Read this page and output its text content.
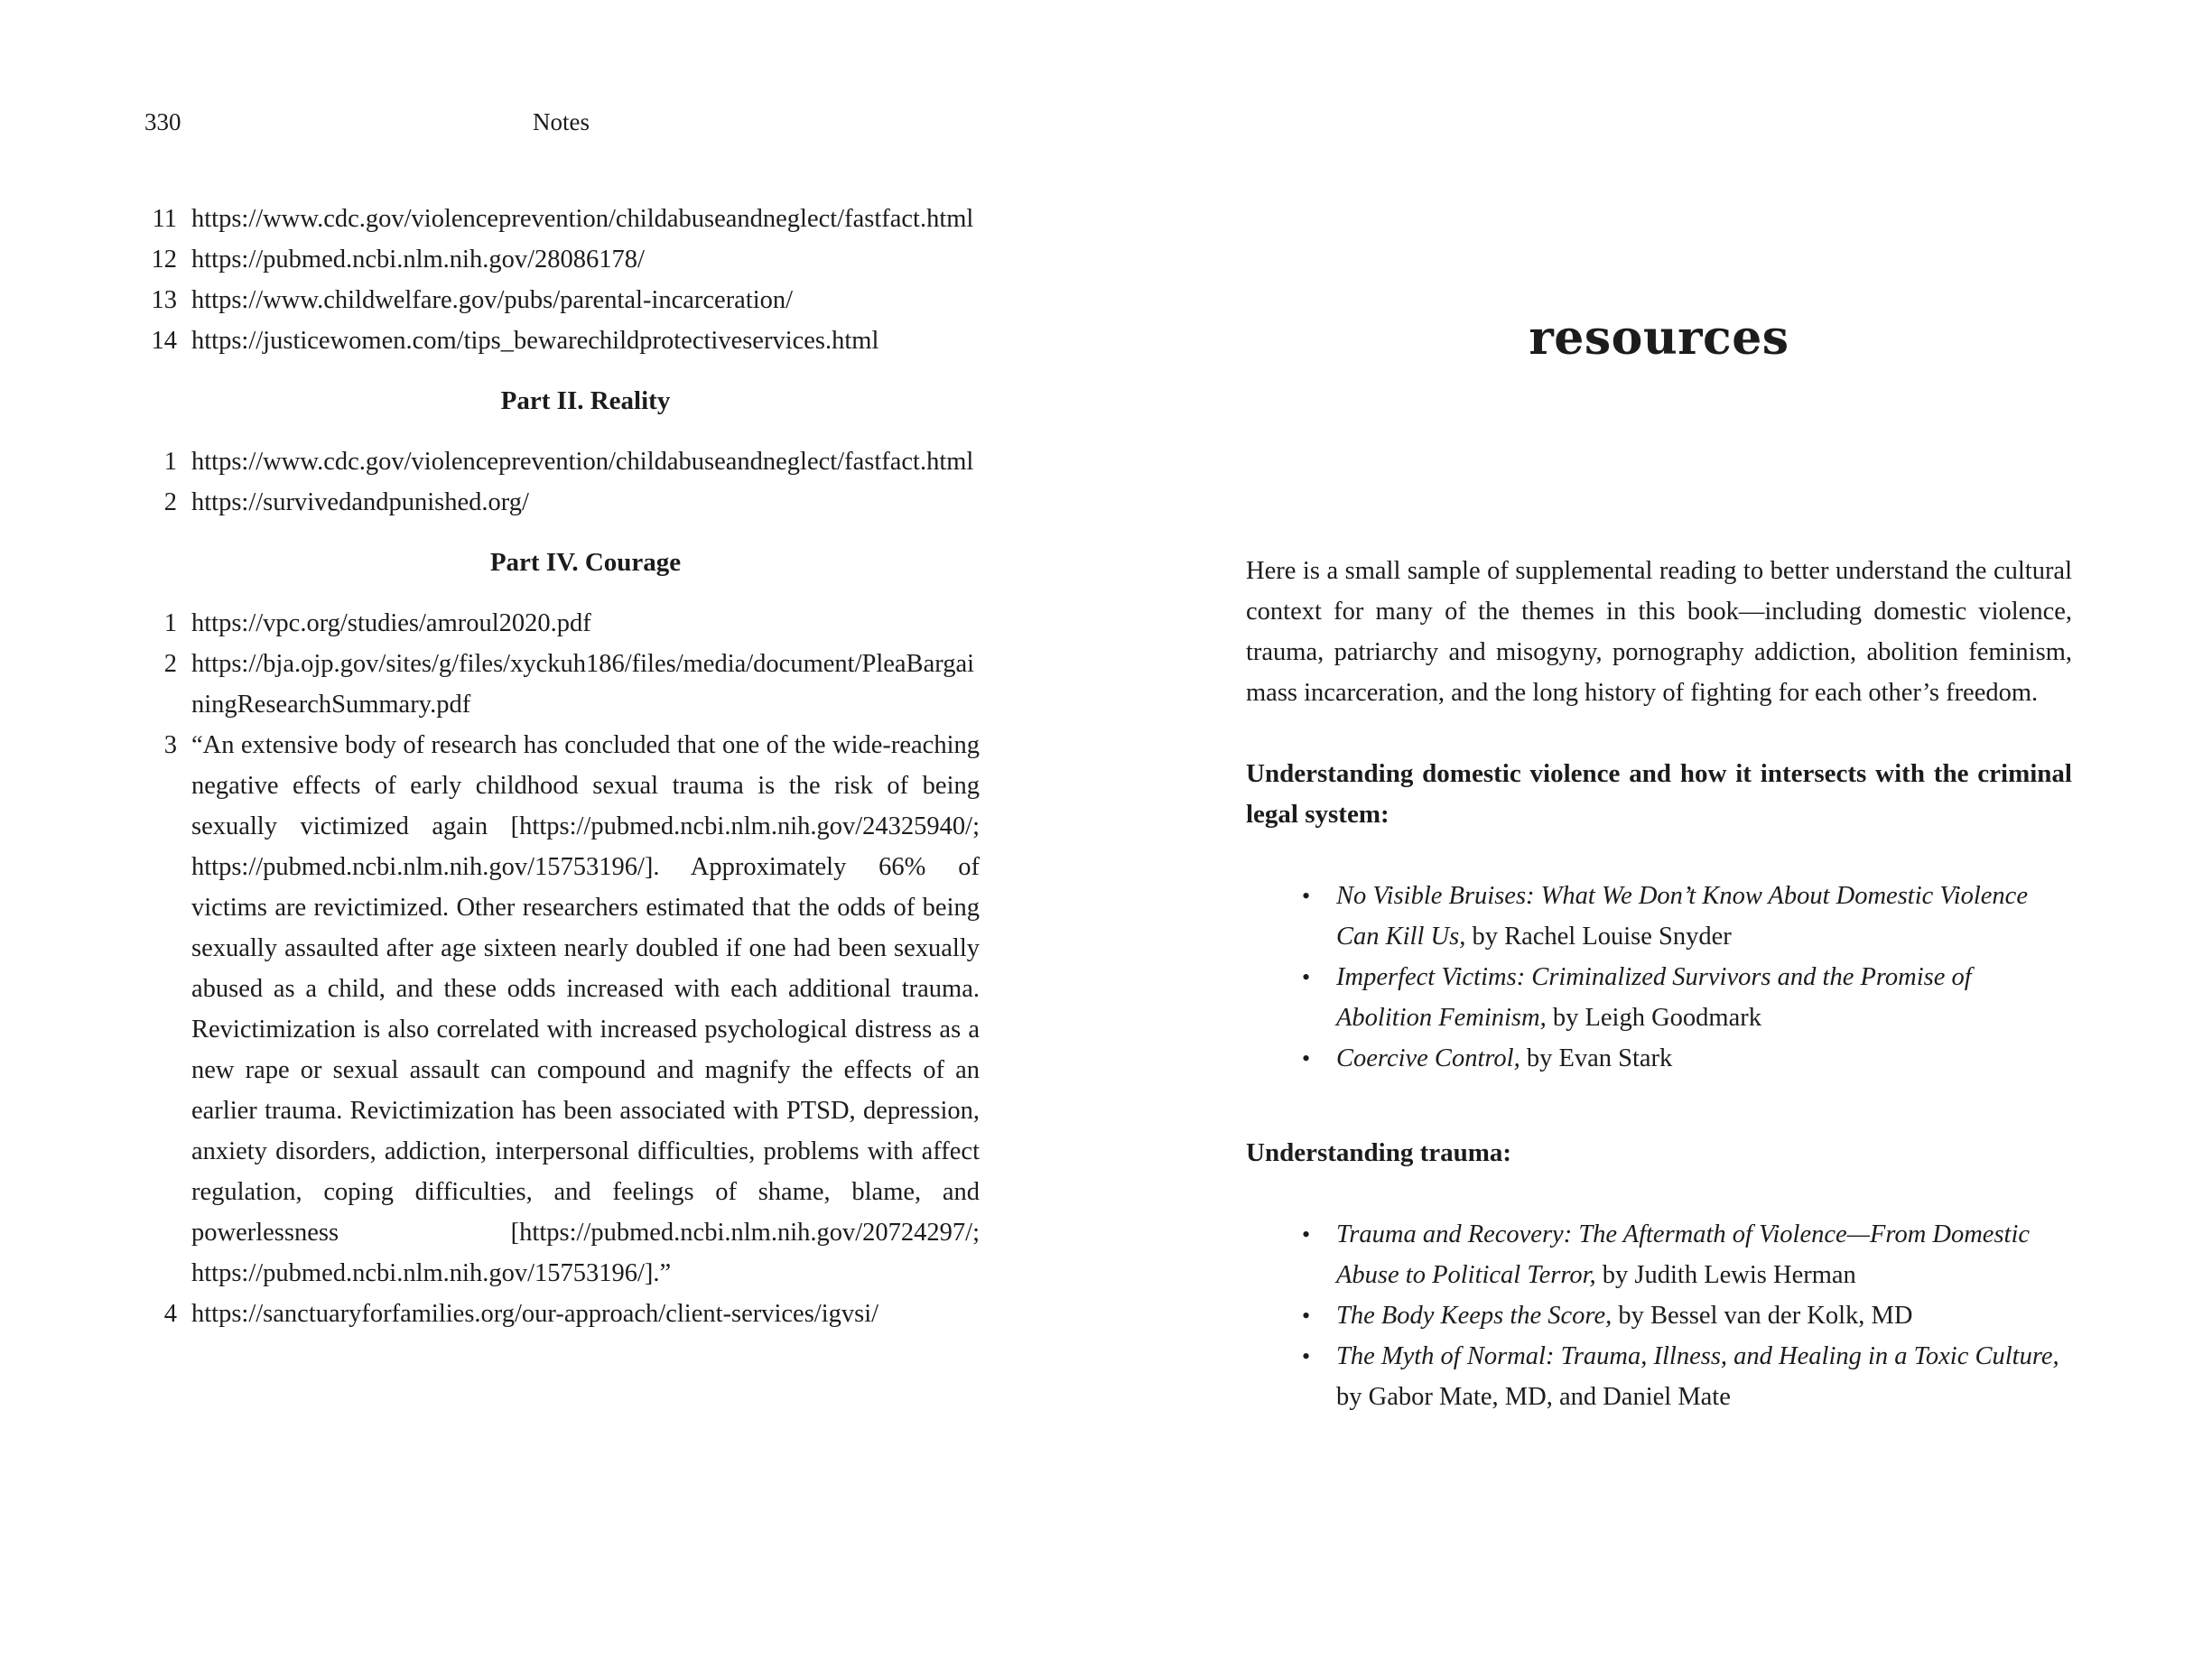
330	Notes
11 https://www.cdc.gov/violenceprevention/childabuseandneglect/fastfact.html
12 https://pubmed.ncbi.nlm.nih.gov/28086178/
13 https://www.childwelfare.gov/pubs/parental-incarceration/
14 https://justicewomen.com/tips_bewarechildprotectiveservices.html
Part II. Reality
1 https://www.cdc.gov/violenceprevention/childabuseandneglect/fastfact.html
2 https://survivedandpunished.org/
Part IV. Courage
1 https://vpc.org/studies/amroul2020.pdf
2 https://bja.ojp.gov/sites/g/files/xyckuh186/files/media/document/PleaBargainingResearchSummary.pdf
3 “An extensive body of research has concluded that one of the wide-reaching negative effects of early childhood sexual trauma is the risk of being sexually victimized again [https://pubmed.ncbi.nlm.nih.gov/24325940/; https://pubmed.ncbi.nlm.nih.gov/15753196/]. Approximately 66% of victims are revictimized. Other researchers estimated that the odds of being sexually assaulted after age sixteen nearly doubled if one had been sexually abused as a child, and these odds increased with each additional trauma. Revictimization is also correlated with increased psychological distress as a new rape or sexual assault can compound and magnify the effects of an earlier trauma. Revictimization has been associated with PTSD, depression, anxiety disorders, addiction, interpersonal difficulties, problems with affect regulation, coping difficulties, and feelings of shame, blame, and powerlessness [https://pubmed.ncbi.nlm.nih.gov/20724297/; https://pubmed.ncbi.nlm.nih.gov/15753196/].”
4 https://sanctuaryforfamilies.org/our-approach/client-services/igvsi/
resources

Here is a small sample of supplemental reading to better understand the cultural context for many of the themes in this book—including domestic violence, trauma, patriarchy and misogyny, pornography addiction, abolition feminism, mass incarceration, and the long history of fighting for each other’s freedom.

Understanding domestic violence and how it intersects with the criminal legal system:
• No Visible Bruises: What We Don’t Know About Domestic Violence Can Kill Us, by Rachel Louise Snyder
• Imperfect Victims: Criminalized Survivors and the Promise of Abolition Feminism, by Leigh Goodmark
• Coercive Control, by Evan Stark
Understanding trauma:
• Trauma and Recovery: The Aftermath of Violence—From Domestic Abuse to Political Terror, by Judith Lewis Herman
• The Body Keeps the Score, by Bessel van der Kolk, MD
• The Myth of Normal: Trauma, Illness, and Healing in a Toxic Culture, by Gabor Mate, MD, and Daniel Mate
